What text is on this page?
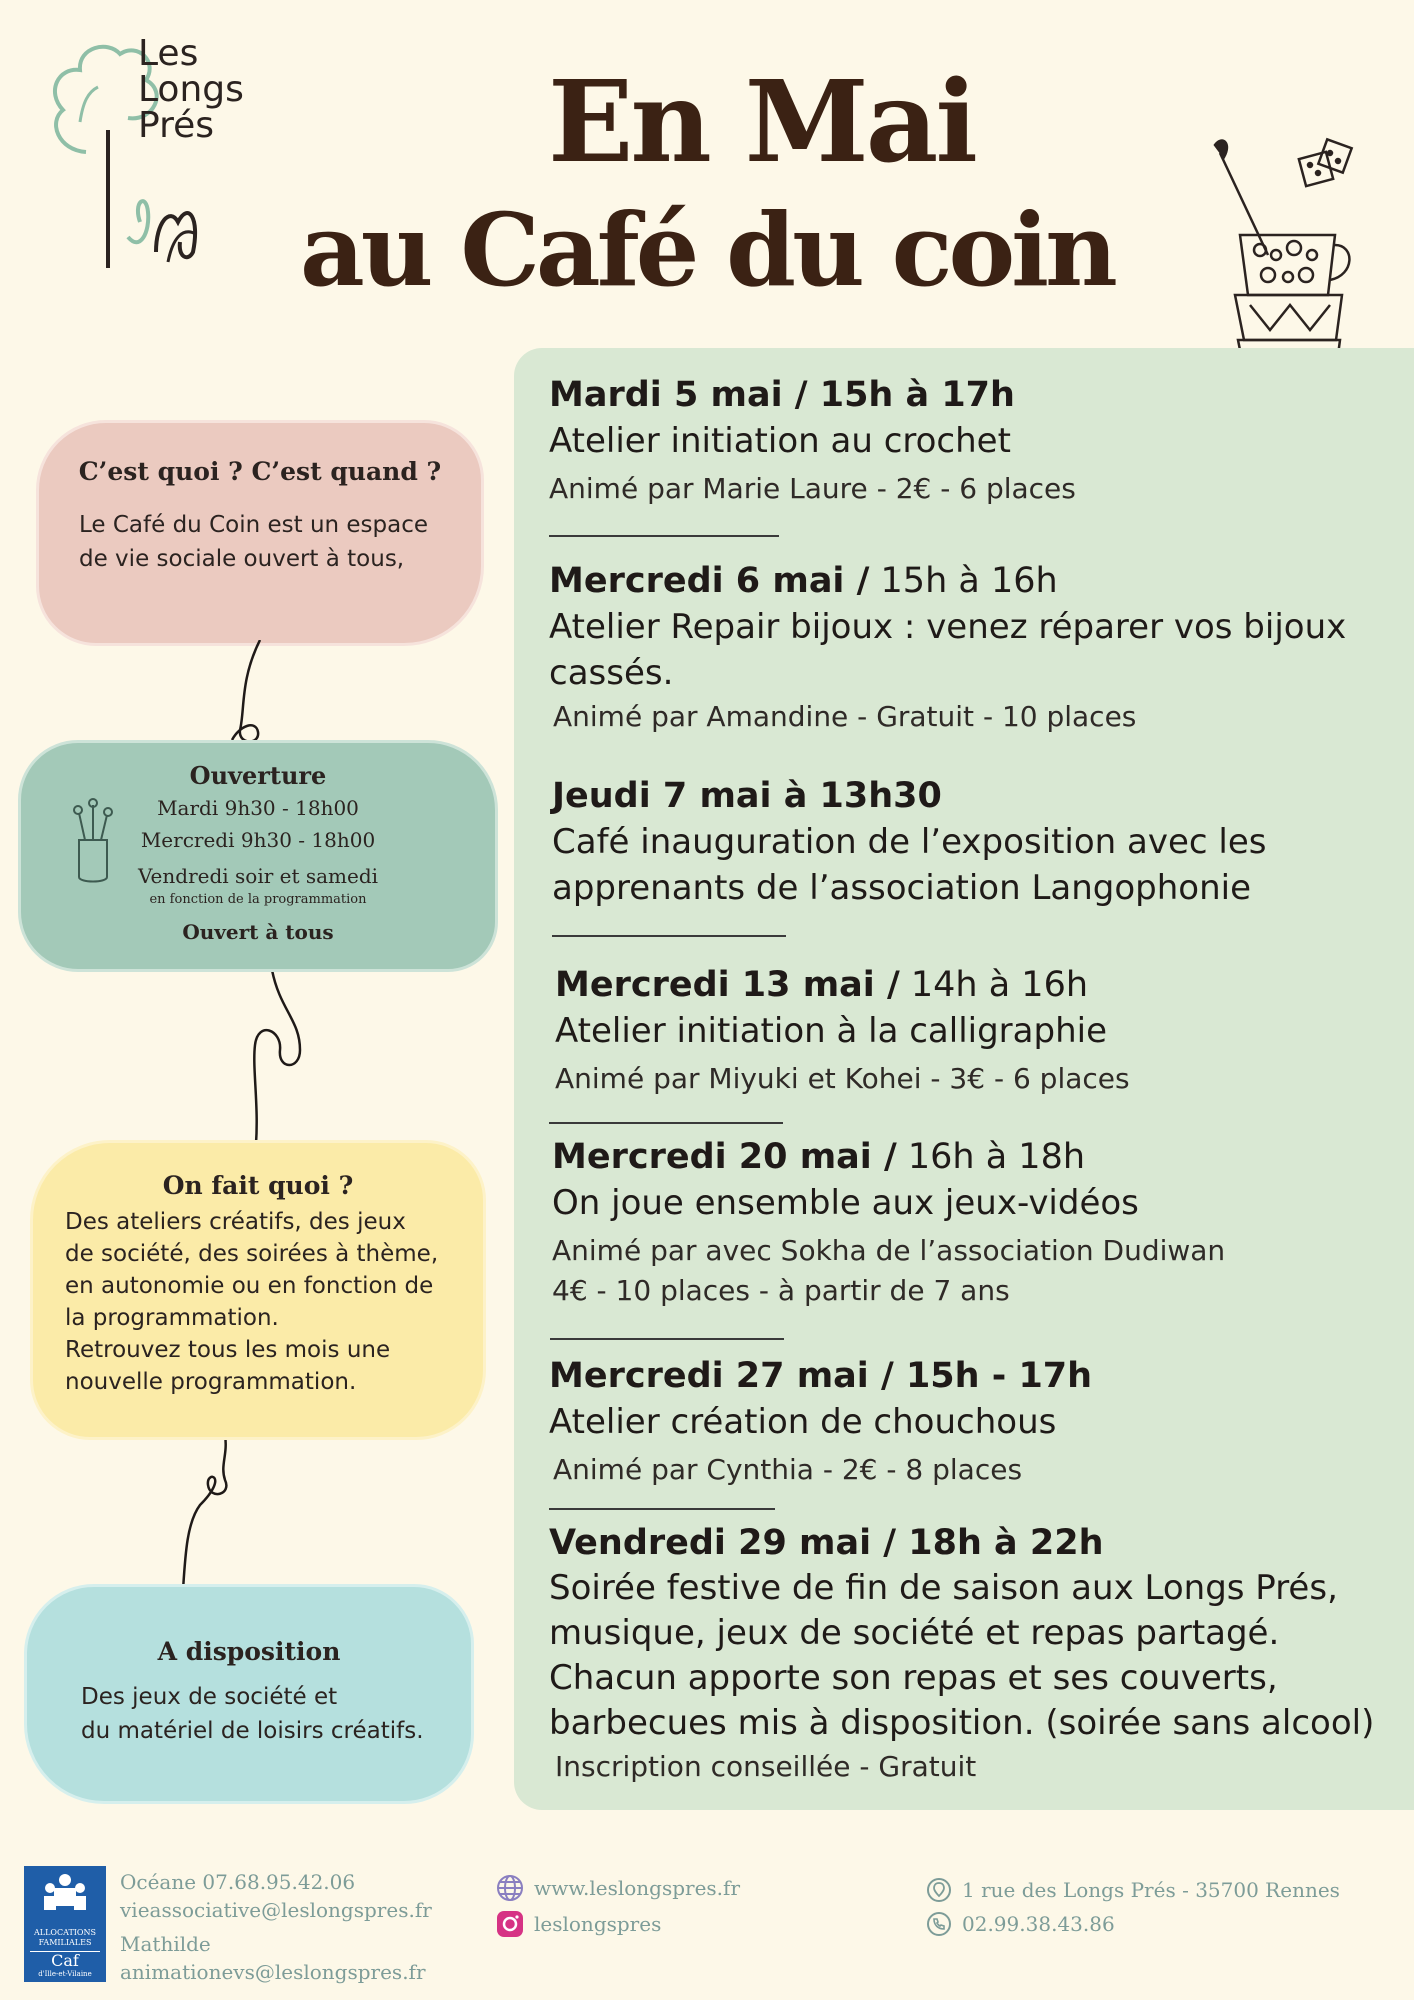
Les
Longs
Prés	En Mai
au Café du coin
C’est quoi ? C’est quand ?
Le Café du Coin est un espace
de vie sociale ouvert à tous,
Ouverture
Mardi 9h30 - 18h00
Mercredi 9h30 - 18h00
Vendredi soir et samedi
en fonction de la programmation
Ouvert à tous
On fait quoi ?
Des ateliers créatifs, des jeux
de société, des soirées à thème,
en autonomie ou en fonction de
la programmation.
Retrouvez tous les mois une
nouvelle programmation.
A disposition
Des jeux de société et
du matériel de loisirs créatifs.
Mardi 5 mai / 15h à 17h
Atelier initiation au crochet
Animé par Marie Laure - 2€ - 6 places
Mercredi 6 mai / 15h à 16h
Atelier Repair bijoux : venez réparer vos bijoux cassés.
Animé par Amandine - Gratuit - 10 places
Jeudi 7 mai à 13h30
Café inauguration de l’exposition avec les apprenants de l’association Langophonie
Mercredi 13 mai / 14h à 16h
Atelier initiation à la calligraphie
Animé par Miyuki et Kohei - 3€ - 6 places
Mercredi 20 mai / 16h à 18h
On joue ensemble aux jeux-vidéos
Animé par avec Sokha de l’association Dudiwan
4€ - 10 places - à partir de 7 ans
Mercredi 27 mai / 15h - 17h
Atelier création de chouchous
Animé par Cynthia - 2€ - 8 places
Vendredi 29 mai / 18h à 22h
Soirée festive de fin de saison aux Longs Prés, musique, jeux de société et repas partagé. Chacun apporte son repas et ses couverts, barbecues mis à disposition. (soirée sans alcool)
Inscription conseillée - Gratuit
ALLOCATIONS
FAMILIALES
Caf
d'Ille-et-Vilaine
Océane 07.68.95.42.06
vieassociative@leslongspres.fr
Mathilde
animationevs@leslongspres.fr
www.leslongspres.fr
leslongspres
1 rue des Longs Prés - 35700 Rennes
02.99.38.43.86
